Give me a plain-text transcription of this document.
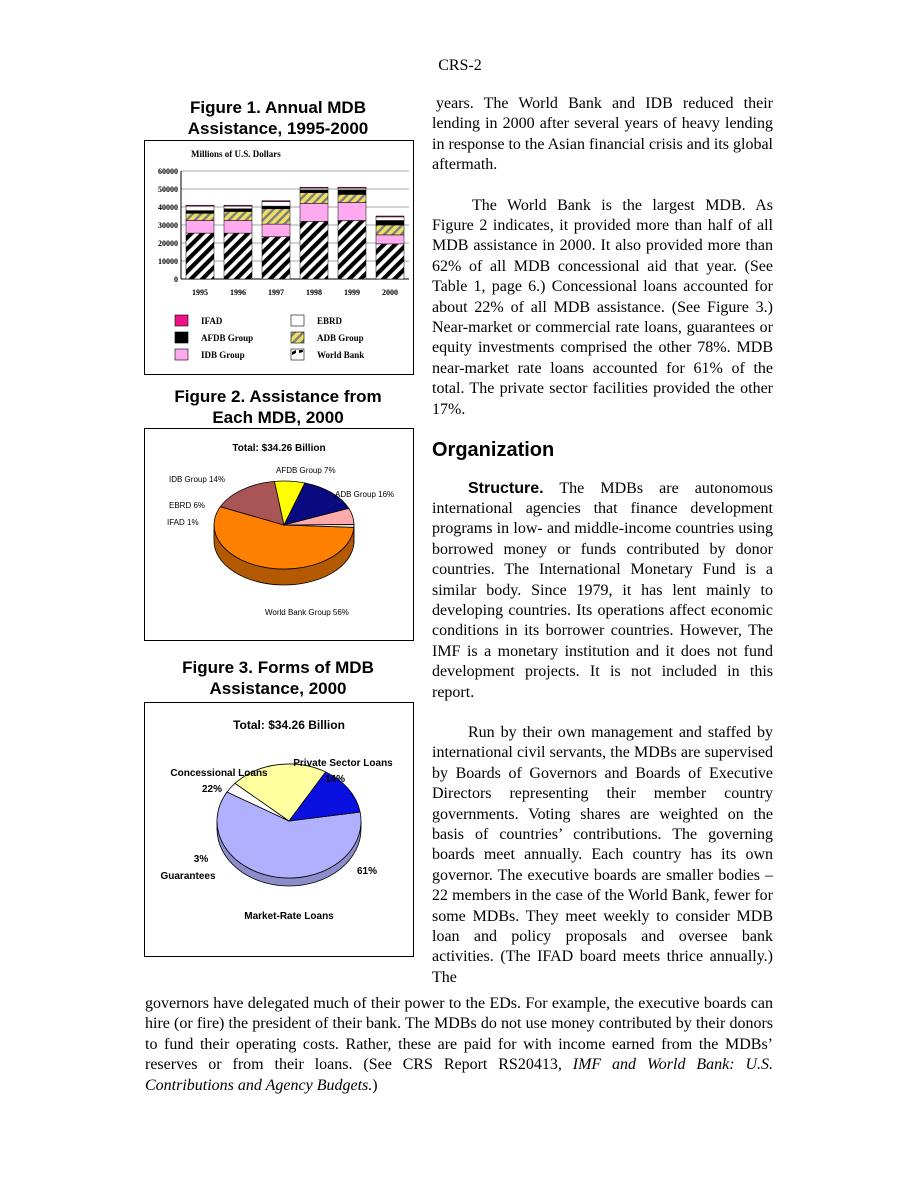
CRS-2
Figure 1. Annual MDB
Assistance, 1995-2000
Millions of U.S. Dollars
0
10000
20000
30000
40000
50000
60000
1995	1996	1997	1998	1999	2000
IFAD	EBRD
AFDB Group	ADB Group
IDB Group	World Bank
Figure 2. Assistance from
Each MDB, 2000
Total: $34.26 Billion
AFDB Group 7%
IDB Group 14%
ADB Group 16%
EBRD 6%
IFAD 1%
World Bank Group 56%
Figure 3. Forms of MDB
Assistance, 2000
Total: $34.26 Billion
Private Sector Loans
14%
Concessional Loans
22%
3%
Guarantees	61%
Market-Rate Loans

years. The World Bank and IDB reduced their lending in 2000 after several years of heavy lending in response to the Asian financial crisis and its global aftermath.

The World Bank is the largest MDB. As Figure 2 indicates, it provided more than half of all MDB assistance in 2000. It also provided more than 62% of all MDB concessional aid that year. (See Table 1, page 6.) Concessional loans accounted for about 22% of all MDB assistance. (See Figure 3.) Near-market or commercial rate loans, guarantees or equity investments comprised the other 78%. MDB near-market rate loans accounted for 61% of the total. The private sector facilities provided the other 17%.

Organization

Structure. The MDBs are autonomous international agencies that finance development programs in low- and middle-income countries using borrowed money or funds contributed by donor countries. The International Monetary Fund is a similar body. Since 1979, it has lent mainly to developing countries. Its operations affect economic conditions in its borrower countries. However, The IMF is a monetary institution and it does not fund development projects. It is not included in this report.

Run by their own management and staffed by international civil servants, the MDBs are supervised by Boards of Governors and Boards of Executive Directors representing their member country governments. Voting shares are weighted on the basis of countries’ contributions. The governing boards meet annually. Each country has its own governor. The executive boards are smaller bodies – 22 members in the case of the World Bank, fewer for some MDBs. They meet weekly to consider MDB loan and policy proposals and oversee bank activities. (The IFAD board meets thrice annually.) The

governors have delegated much of their power to the EDs. For example, the executive boards can hire (or fire) the president of their bank. The MDBs do not use money contributed by their donors to fund their operating costs. Rather, these are paid for with income earned from the MDBs’ reserves or from their loans. (See CRS Report RS20413, IMF and World Bank: U.S. Contributions and Agency Budgets.)
